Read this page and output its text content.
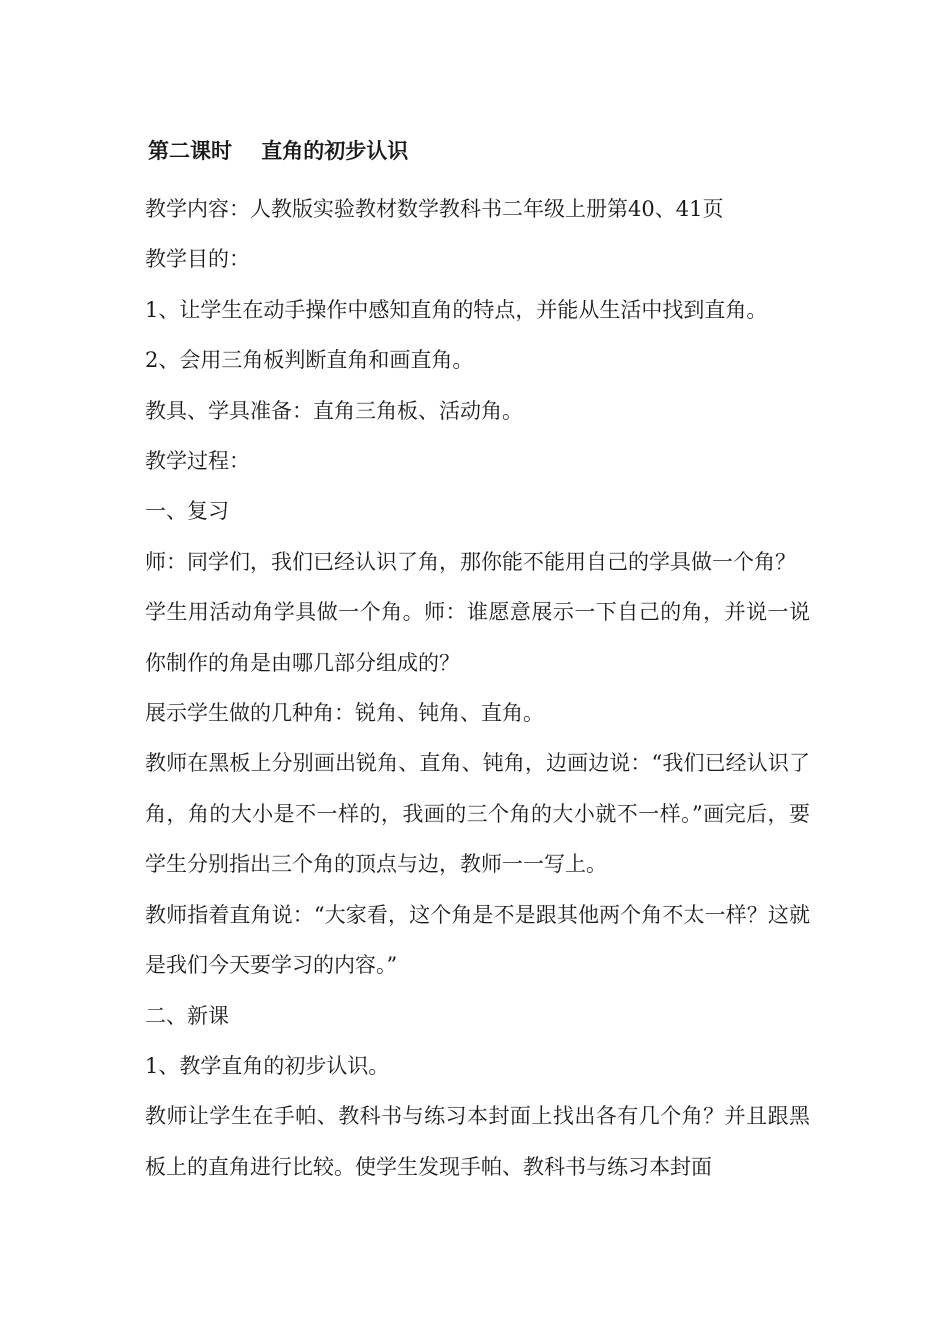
第二课时    直角的初步认识

教学内容：人教版实验教材数学教科书二年级上册第40、41页

教学目的：

1、让学生在动手操作中感知直角的特点，并能从生活中找到直角。

2、会用三角板判断直角和画直角。

教具、学具准备：直角三角板、活动角。

教学过程：

一、复习

师：同学们，我们已经认识了角，那你能不能用自己的学具做一个角？

学生用活动角学具做一个角。师：谁愿意展示一下自己的角，并说一说你制作的角是由哪几部分组成的？

展示学生做的几种角：锐角、钝角、直角。

教师在黑板上分别画出锐角、直角、钝角，边画边说：“我们已经认识了角，角的大小是不一样的，我画的三个角的大小就不一样。”画完后，要学生分别指出三个角的顶点与边，教师一一写上。

教师指着直角说：“大家看，这个角是不是跟其他两个角不太一样？这就是我们今天要学习的内容。”

二、新课

1、教学直角的初步认识。

教师让学生在手帕、教科书与练习本封面上找出各有几个角？并且跟黑板上的直角进行比较。使学生发现手帕、教科书与练习本封面
